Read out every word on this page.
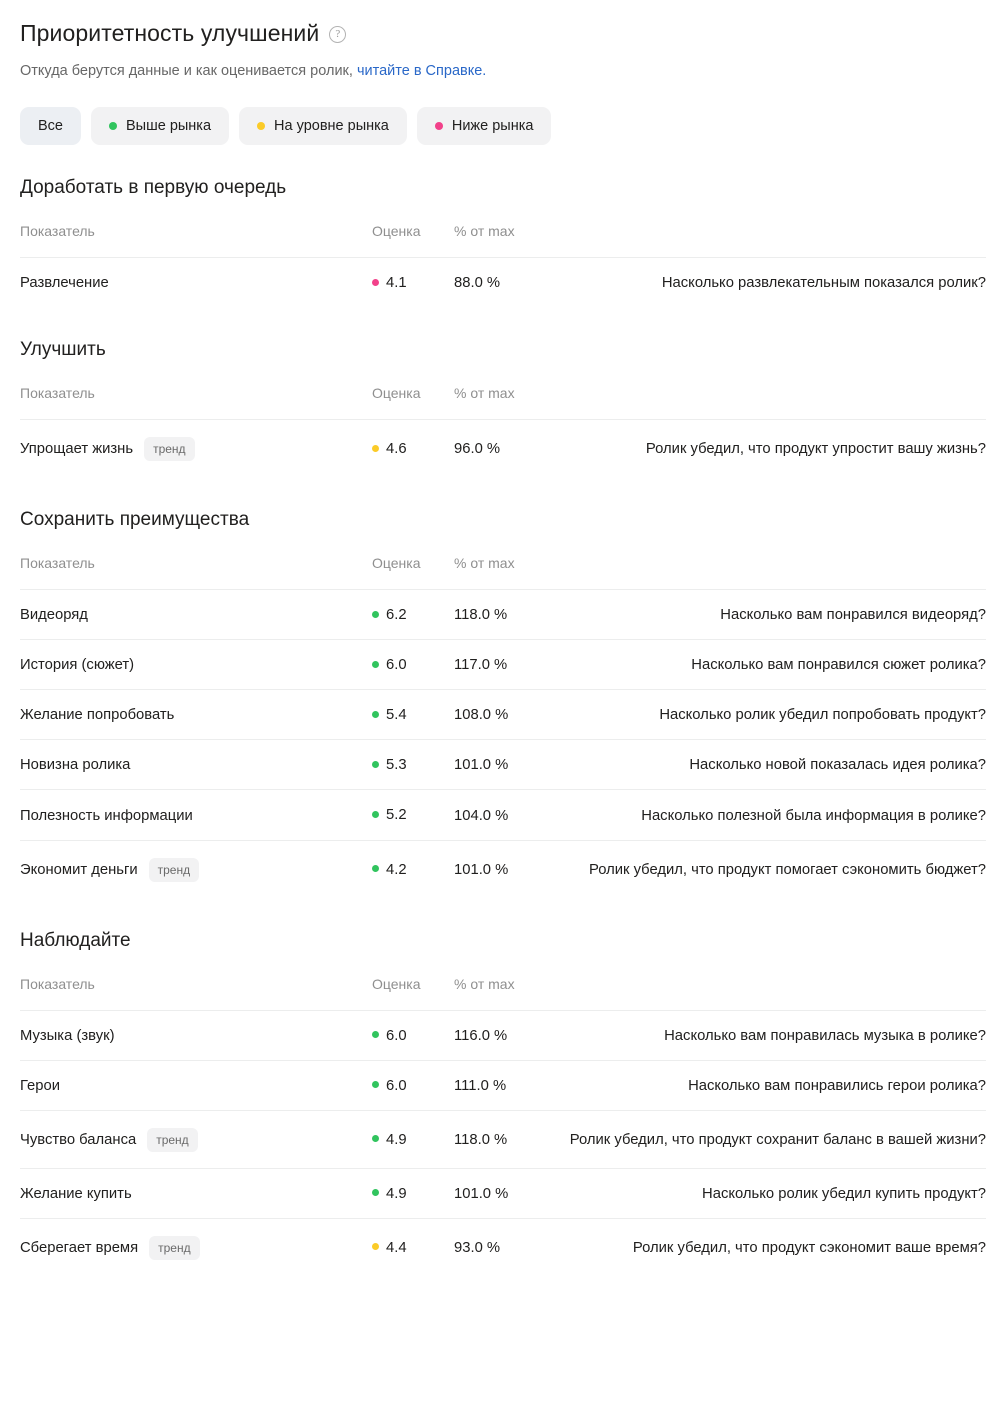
Приоритетность улучшений	?
Откуда берутся данные и как оценивается ролик, читайте в Справке.
Все	Выше рынка	На уровне рынка	Ниже рынка
Доработать в первую очередь
Показатель	Оценка	% от max	

Развлечение	4.1	88.0 %	Насколько развлекательным показался ролик?
Улучшить
Показатель	Оценка	% от max	

Упрощает жизнь тренд	4.6	96.0 %	Ролик убедил, что продукт упростит вашу жизнь?
Сохранить преимущества
Показатель	Оценка	% от max	

Видеоряд	6.2	118.0 %	Насколько вам понравился видеоряд?

История (сюжет)	6.0	117.0 %	Насколько вам понравился сюжет ролика?

Желание попробовать	5.4	108.0 %	Насколько ролик убедил попробовать продукт?

Новизна ролика	5.3	101.0 %	Насколько новой показалась идея ролика?

Полезность информации	5.2	104.0 %	Насколько полезной была информация в ролике?

Экономит деньги тренд	4.2	101.0 %	Ролик убедил, что продукт помогает сэкономить бюджет?
Наблюдайте
Показатель	Оценка	% от max	

Музыка (звук)	6.0	116.0 %	Насколько вам понравилась музыка в ролике?

Герои	6.0	111.0 %	Насколько вам понравились герои ролика?

Чувство баланса тренд	4.9	118.0 %	Ролик убедил, что продукт сохранит баланс в вашей жизни?

Желание купить	4.9	101.0 %	Насколько ролик убедил купить продукт?

Сберегает время тренд	4.4	93.0 %	Ролик убедил, что продукт сэкономит ваше время?
